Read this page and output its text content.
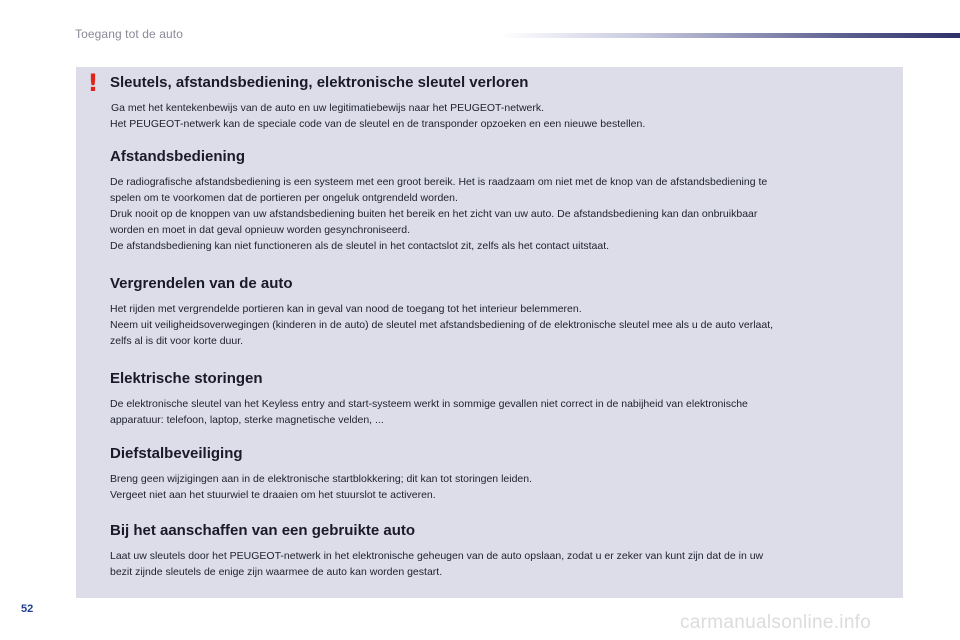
Toegang tot de auto
! Sleutels, afstandsbediening, elektronische sleutel verloren

Ga met het kentekenbewijs van de auto en uw legitimatiebewijs naar het PEUGEOT-netwerk.

Het PEUGEOT-netwerk kan de speciale code van de sleutel en de transponder opzoeken en een nieuwe bestellen.

Afstandsbediening

De radiografische afstandsbediening is een systeem met een groot bereik. Het is raadzaam om niet met de knop van de afstandsbediening te

spelen om te voorkomen dat de portieren per ongeluk ontgrendeld worden.

Druk nooit op de knoppen van uw afstandsbediening buiten het bereik en het zicht van uw auto. De afstandsbediening kan dan onbruikbaar

worden en moet in dat geval opnieuw worden gesynchroniseerd.

De afstandsbediening kan niet functioneren als de sleutel in het contactslot zit, zelfs als het contact uitstaat.

Vergrendelen van de auto

Het rijden met vergrendelde portieren kan in geval van nood de toegang tot het interieur belemmeren.

Neem uit veiligheidsoverwegingen (kinderen in de auto) de sleutel met afstandsbediening of de elektronische sleutel mee als u de auto verlaat,

zelfs al is dit voor korte duur.

Elektrische storingen

De elektronische sleutel van het Keyless entry and start-systeem werkt in sommige gevallen niet correct in de nabijheid van elektronische

apparatuur: telefoon, laptop, sterke magnetische velden, ...

Diefstalbeveiliging

Breng geen wijzigingen aan in de elektronische startblokkering; dit kan tot storingen leiden.

Vergeet niet aan het stuurwiel te draaien om het stuurslot te activeren.

Bij het aanschaffen van een gebruikte auto

Laat uw sleutels door het PEUGEOT-netwerk in het elektronische geheugen van de auto opslaan, zodat u er zeker van kunt zijn dat de in uw

bezit zijnde sleutels de enige zijn waarmee de auto kan worden gestart.

52
carmanualsonline.info
